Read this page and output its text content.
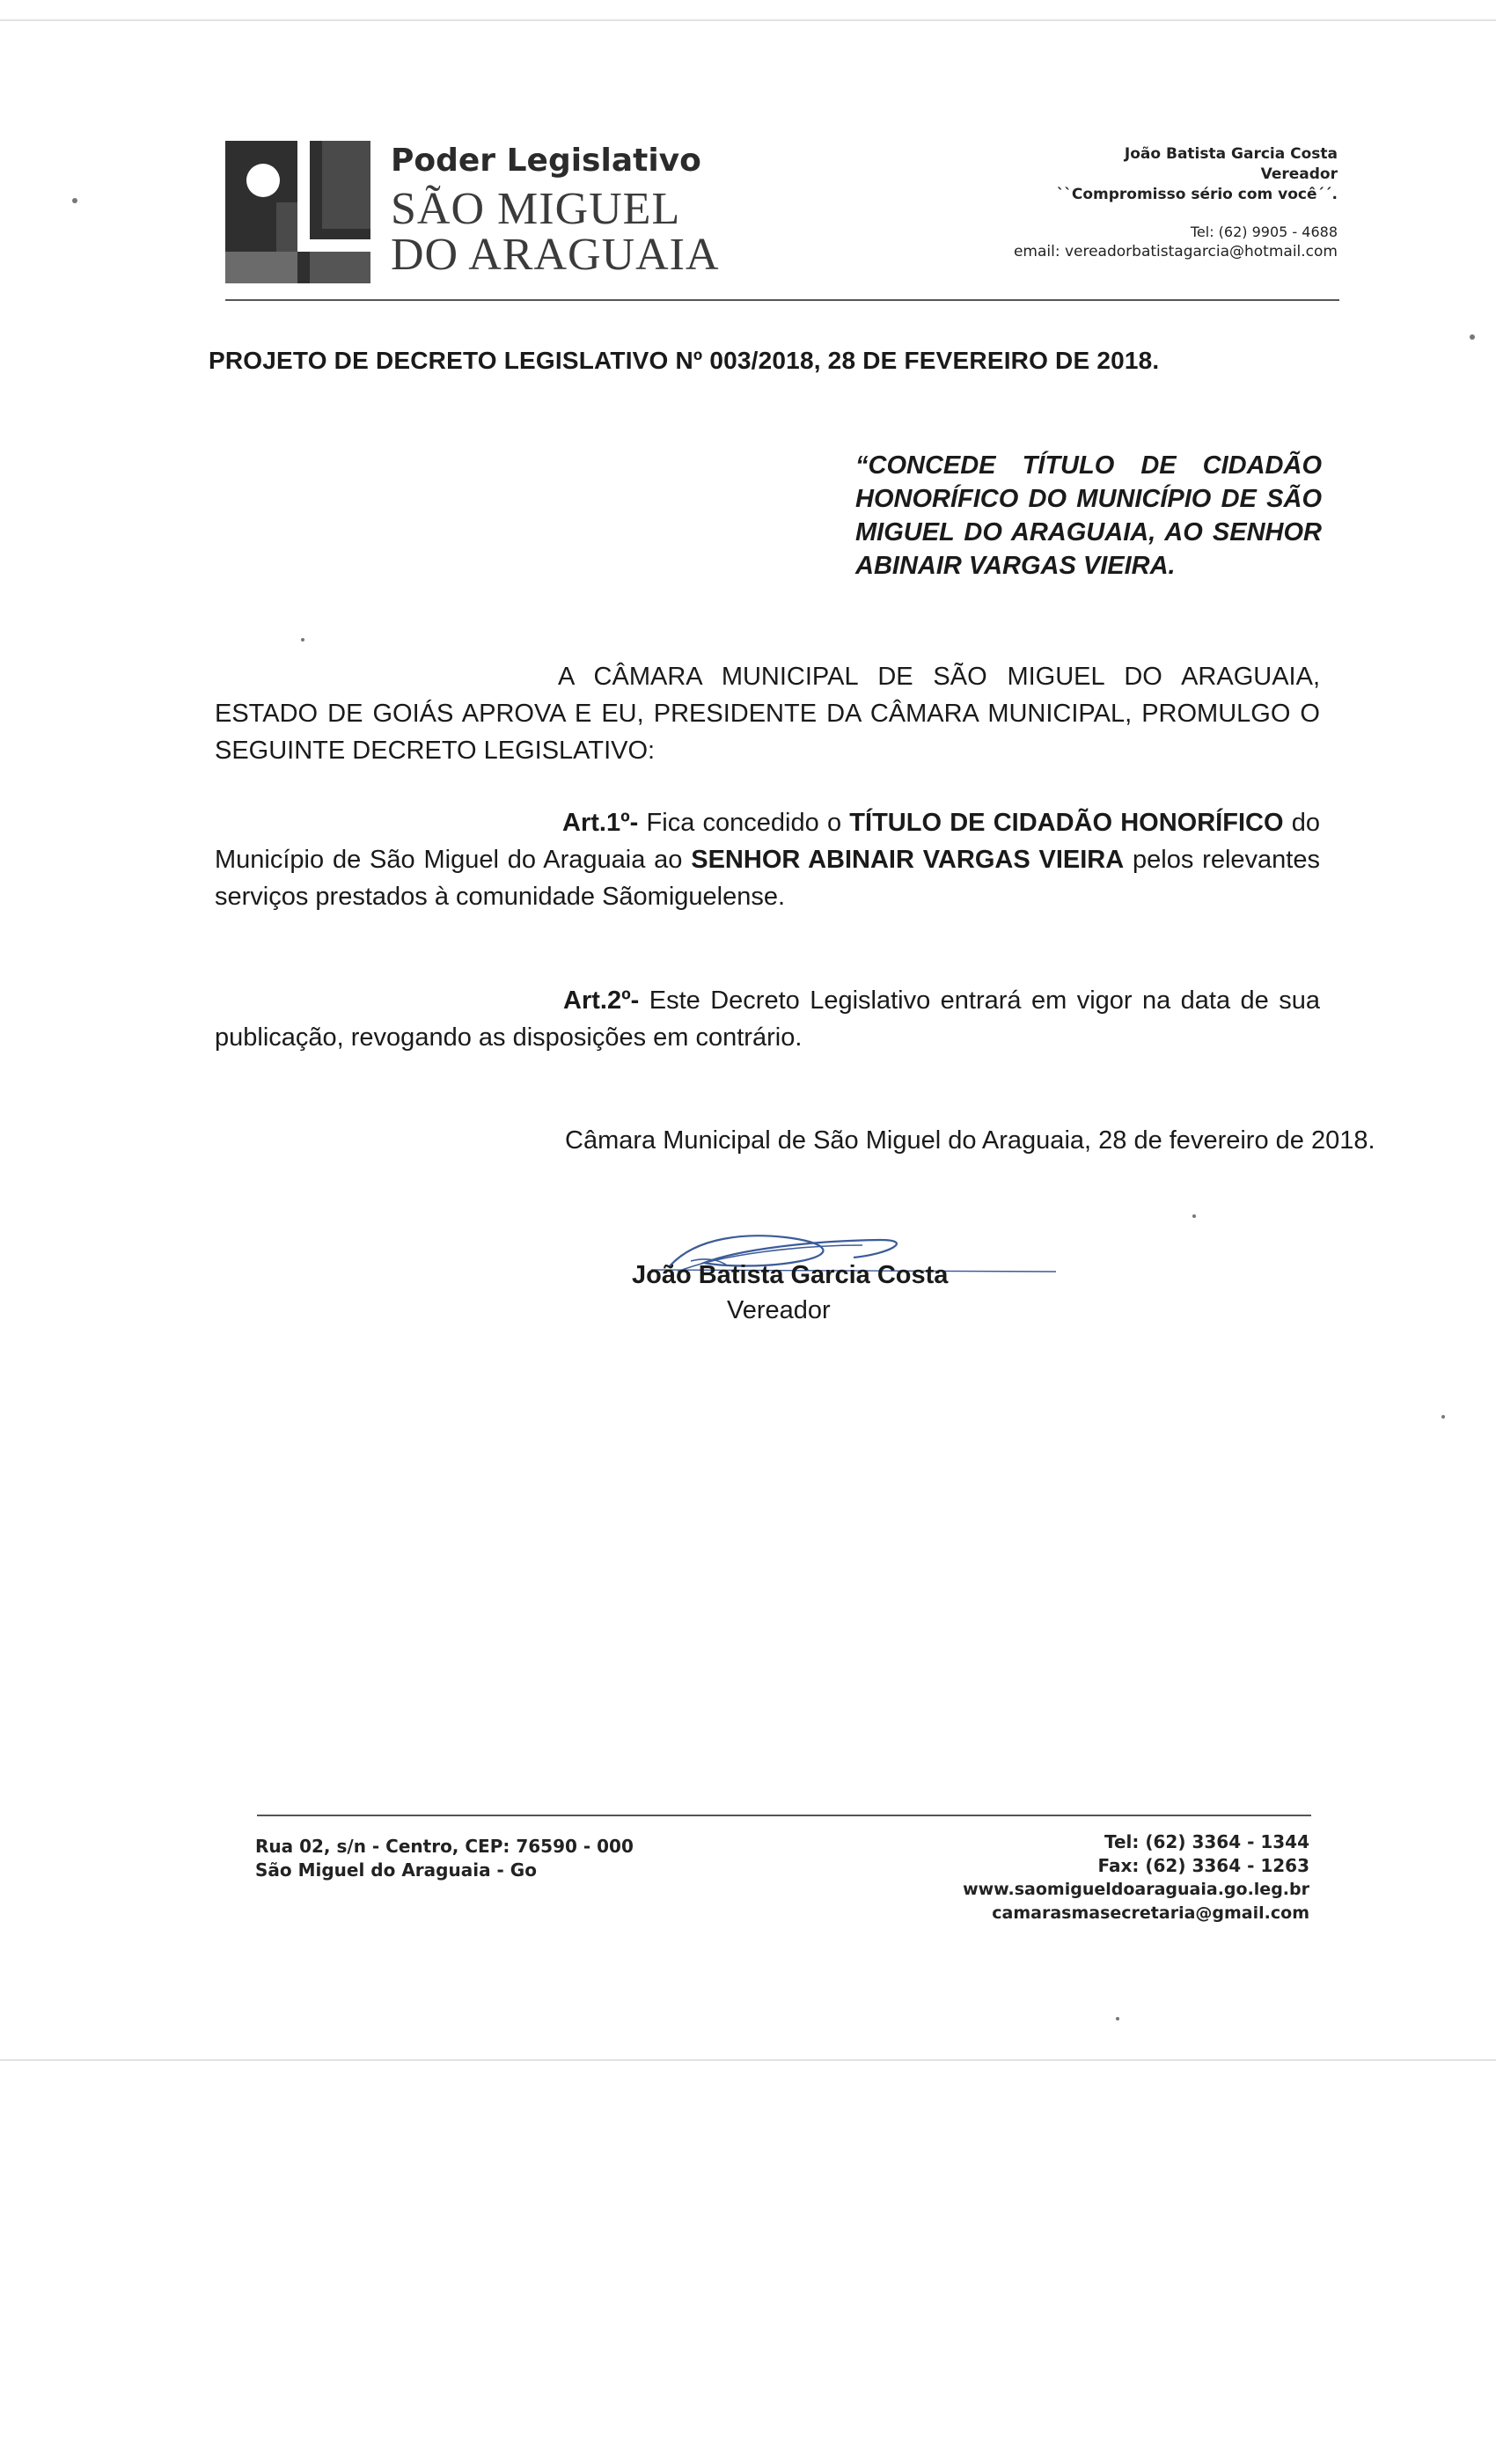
Poder Legislativo
SÃO MIGUEL
DO ARAGUAIA
João Batista Garcia Costa
Vereador
``Compromisso sério com você´´.
Tel: (62) 9905 - 4688
email: vereadorbatistagarcia@hotmail.com
PROJETO DE DECRETO LEGISLATIVO Nº 003/2018, 28 DE FEVEREIRO DE 2018.
“CONCEDE TÍTULO DE CIDADÃO HONORÍFICO DO MUNICÍPIO DE SÃO MIGUEL DO ARAGUAIA, AO SENHOR ABINAIR VARGAS VIEIRA.
A CÂMARA MUNICIPAL DE SÃO MIGUEL DO ARAGUAIA, ESTADO DE GOIÁS APROVA E EU, PRESIDENTE DA CÂMARA MUNICIPAL, PROMULGO O SEGUINTE DECRETO LEGISLATIVO:
Art.1º- Fica concedido o TÍTULO DE CIDADÃO HONORÍFICO do Município de São Miguel do Araguaia ao SENHOR ABINAIR VARGAS VIEIRA pelos relevantes serviços prestados à comunidade Sãomiguelense.
Art.2º- Este Decreto Legislativo entrará em vigor na data de sua publicação, revogando as disposições em contrário.
Câmara Municipal de São Miguel do Araguaia, 28 de fevereiro de 2018.
João Batista Garcia Costa
Vereador
Rua 02, s/n - Centro, CEP: 76590 - 000
São Miguel do Araguaia - Go
Tel: (62) 3364 - 1344
Fax: (62) 3364 - 1263
www.saomigueldoaraguaia.go.leg.br
camarasmasecretaria@gmail.com
